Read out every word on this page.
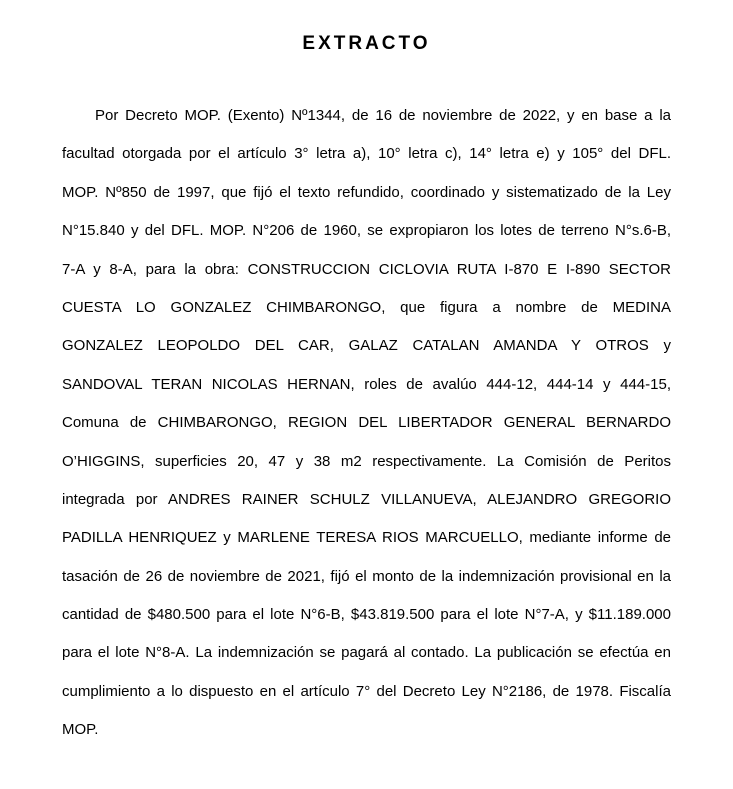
EXTRACTO
Por Decreto MOP. (Exento) Nº1344, de 16 de noviembre de 2022, y en base a la
facultad otorgada por el artículo 3° letra a), 10° letra c), 14° letra e) y 105° del DFL.
MOP. Nº850 de 1997, que fijó el texto refundido, coordinado y sistematizado de la Ley
N°15.840 y del DFL. MOP. N°206 de 1960, se expropiaron los lotes de terreno N°s.6-B,
7-A y 8-A, para la obra: CONSTRUCCION CICLOVIA RUTA I-870 E I-890 SECTOR
CUESTA LO GONZALEZ CHIMBARONGO, que figura a nombre de MEDINA
GONZALEZ LEOPOLDO DEL CAR, GALAZ CATALAN AMANDA Y OTROS y
SANDOVAL TERAN NICOLAS HERNAN, roles de avalúo 444-12, 444-14 y 444-15,
Comuna de CHIMBARONGO, REGION DEL LIBERTADOR GENERAL BERNARDO
O’HIGGINS, superficies 20, 47 y 38 m2 respectivamente. La Comisión de Peritos
integrada por ANDRES RAINER SCHULZ VILLANUEVA, ALEJANDRO GREGORIO
PADILLA HENRIQUEZ y MARLENE TERESA RIOS MARCUELLO, mediante informe de
tasación de 26 de noviembre de 2021, fijó el monto de la indemnización provisional en la
cantidad de $480.500 para el lote N°6-B, $43.819.500 para el lote N°7-A, y $11.189.000
para el lote N°8-A. La indemnización se pagará al contado. La publicación se efectúa en
cumplimiento a lo dispuesto en el artículo 7° del Decreto Ley N°2186, de 1978. Fiscalía
MOP.
